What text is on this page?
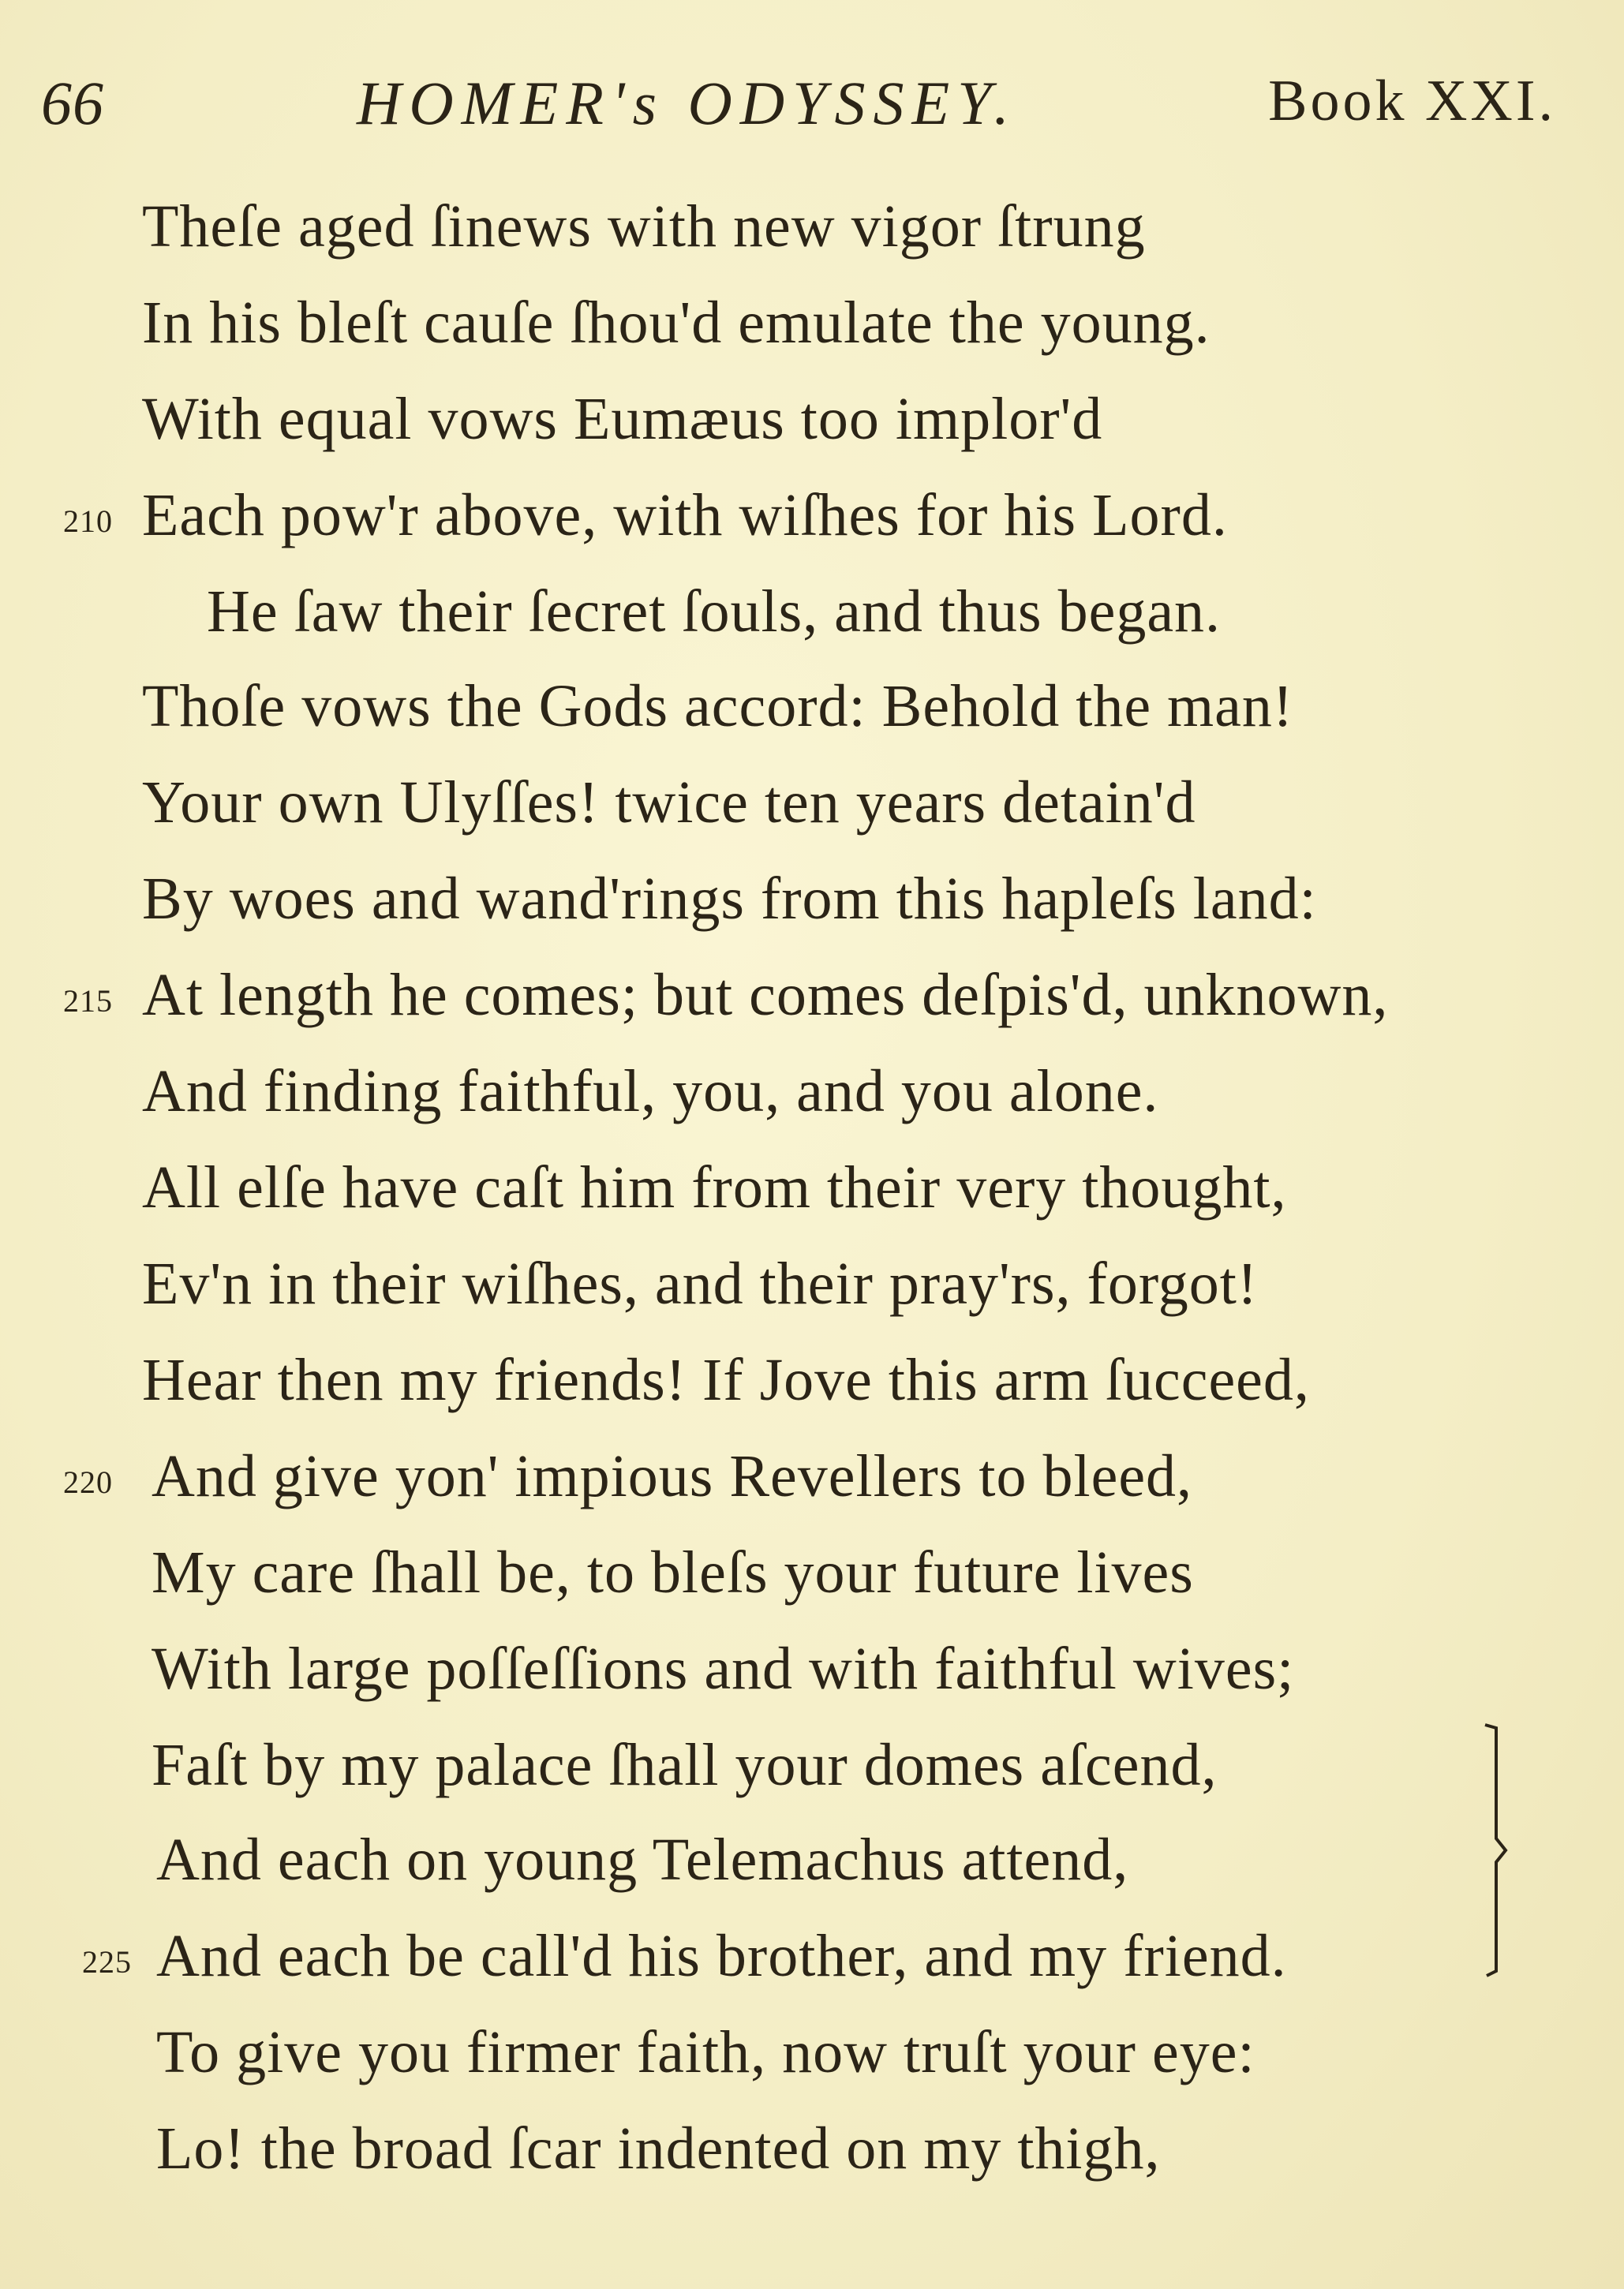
66	HOMER's ODYSSEY.	Book XXI.
Theſe aged ſinews with new vigor ſtrung
In his bleſt cauſe ſhou'd emulate the young.
With equal vows Eumæus too implor'd
210 Each pow'r above, with wiſhes for his Lord.
He ſaw their ſecret ſouls, and thus began.
Thoſe vows the Gods accord: Behold the man!
Your own Ulyſſes! twice ten years detain'd
By woes and wand'rings from this hapleſs land:
215 At length he comes; but comes deſpis'd, unknown,
And finding faithful, you, and you alone.
All elſe have caſt him from their very thought,
Ev'n in their wiſhes, and their pray'rs, forgot!
Hear then my friends! If Jove this arm ſucceed,
220 And give yon' impious Revellers to bleed,
My care ſhall be, to bleſs your future lives
With large poſſeſſions and with faithful wives;
Faſt by my palace ſhall your domes aſcend,
And each on young Telemachus attend,
225 And each be call'd his brother, and my friend.
To give you firmer faith, now truſt your eye:
Lo! the broad ſcar indented on my thigh,
